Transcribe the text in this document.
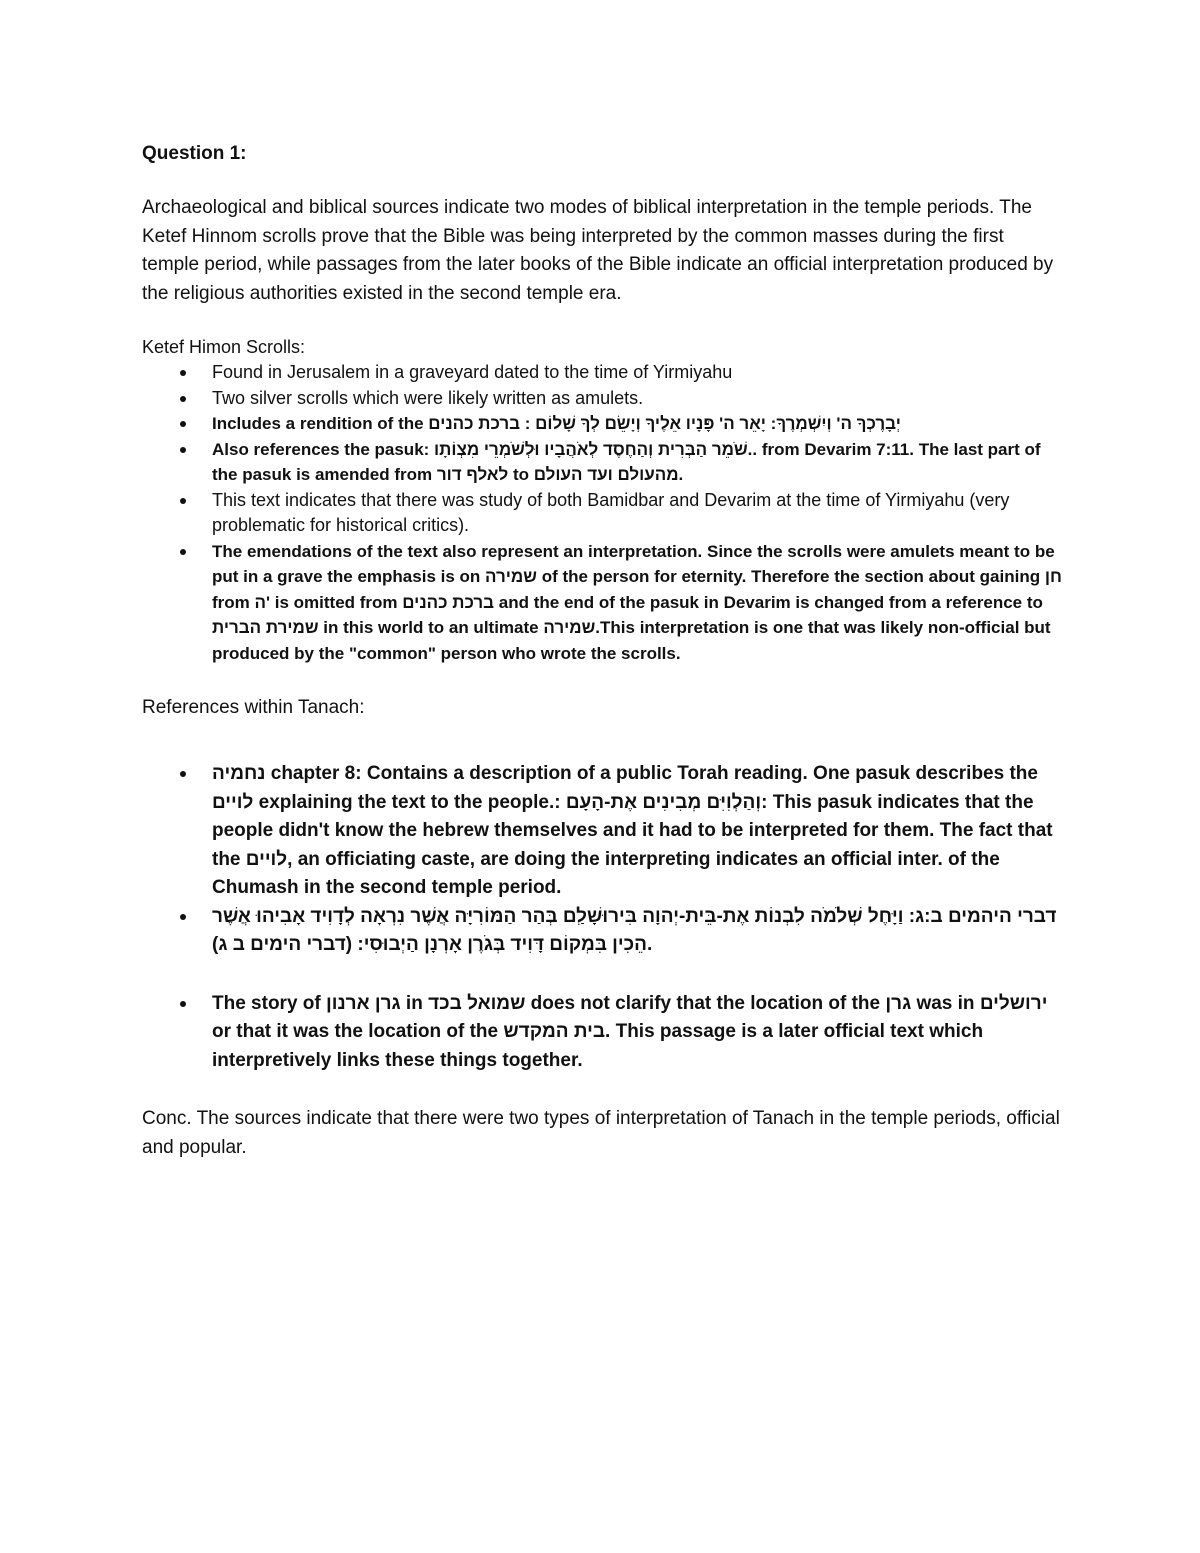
Question 1:

Archaeological and biblical sources indicate two modes of biblical interpretation in the temple periods. The Ketef Hinnom scrolls prove that the Bible was being interpreted by the common masses during the first temple period, while passages from the later books of the Bible indicate an official interpretation produced by the religious authorities existed in the second temple era.

Ketef Himon Scrolls:

Found in Jerusalem in a graveyard dated to the time of Yirmiyahu
Two silver scrolls which were likely written as amulets.
Includes a rendition of the יְבָרֶכְךָ ה' וְיִשְׁמְרֶךָ: יָאֵר ה' פָּנָיו אֵלֶיךָ וְיָשֵׂם לְךָ שָׁלוֹם : ברכת כהנים
Also references the pasuk: שֹׁמֵר הַבְּרִית וְהַחֶסֶד לְאֹהֲבָיו וּלְשֹׁמְרֵי מִצְוֹתָו.. from Devarim 7:11. The last part of the pasuk is amended from לאלף דור to מהעולם ועד העולם.
This text indicates that there was study of both Bamidbar and Devarim at the time of Yirmiyahu (very problematic for historical critics).
The emendations of the text also represent an interpretation. Since the scrolls were amulets meant to be put in a grave the emphasis is on שמירה of the person for eternity. Therefore the section about gaining חן from ה' is omitted from ברכת כהנים and the end of the pasuk in Devarim is changed from a reference to שמירת הברית in this world to an ultimate שמירה.This interpretation is one that was likely non-official but produced by the "common" person who wrote the scrolls.

References within Tanach:

נחמיה chapter 8: Contains a description of a public Torah reading. One pasuk describes the לויים explaining the text to the people.: וְהַלְוִיִּם מְבִינִים אֶת-הָעָם: This pasuk indicates that the people didn't know the hebrew themselves and it had to be interpreted for them. The fact that the לויים, an officiating caste, are doing the interpreting indicates an official inter. of the Chumash in the second temple period.
דברי היהמים ב:ג: וַיָּחֶל שְׁלֹמֹה לִבְנוֹת אֶת-בֵּית-יְהוָה בִּירוּשָׁלִַם בְּהַר הַמּוֹרִיָּה אֲשֶׁר נִרְאָה לְדָוִיד אָבִיהוּ אֲשֶׁר הֵכִין בִּמְקוֹם דָּוִיד בְּגֹרֶן אָרְנָן הַיְבוּסִי: (דברי הימים ב ג).
The story of גרן ארנון in שמואל בכד does not clarify that the location of the גרן was in ירושלים or that it was the location of the בית המקדש. This passage is a later official text which interpretively links these things together.

Conc. The sources indicate that there were two types of interpretation of Tanach in the temple periods, official and popular.
